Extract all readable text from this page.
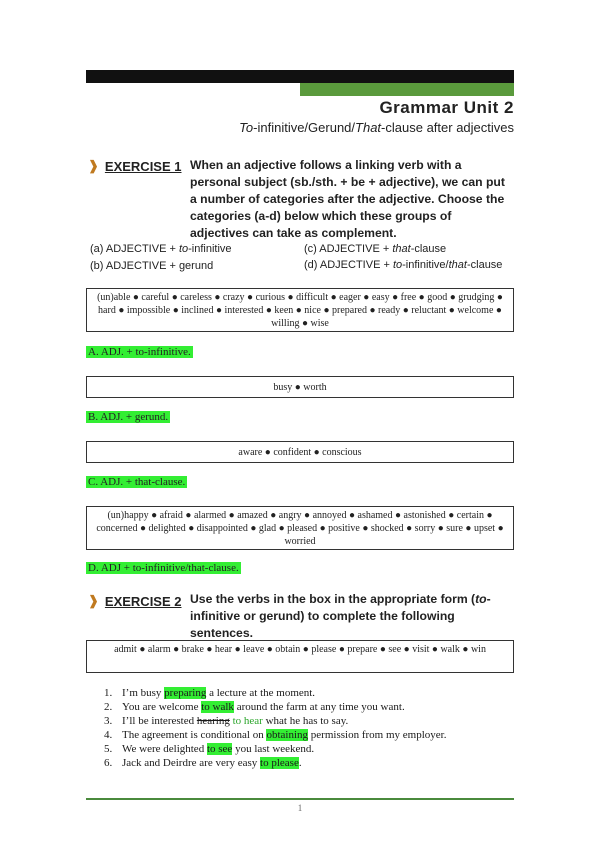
Grammar Unit 2
To-infinitive/Gerund/That-clause after adjectives
❱ EXERCISE 1 When an adjective follows a linking verb with a personal subject (sb./sth. + be + adjective), we can put a number of categories after the adjective. Choose the categories (a-d) below which these groups of adjectives can take as complement.
(a) ADJECTIVE + to-infinitive
(b) ADJECTIVE + gerund
(c) ADJECTIVE + that-clause
(d) ADJECTIVE + to-infinitive/that-clause
(un)able ● careful ● careless ● crazy ● curious ● difficult ● eager ● easy ● free ● good ● grudging ● hard ● impossible ● inclined ● interested ● keen ● nice ● prepared ● ready ● reluctant ● welcome ● willing ● wise
A. ADJ. + to-infinitive.
busy ● worth
B. ADJ. + gerund.
aware ● confident ● conscious
C. ADJ. + that-clause.
(un)happy ● afraid ● alarmed ● amazed ● angry ● annoyed ● ashamed ● astonished ● certain ● concerned ● delighted ● disappointed ● glad ● pleased ● positive ● shocked ● sorry ● sure ● upset ● worried
D. ADJ + to-infinitive/that-clause.
❱ EXERCISE 2 Use the verbs in the box in the appropriate form (to-infinitive or gerund) to complete the following sentences.
admit ● alarm ● brake ● hear ● leave ● obtain ● please ● prepare ● see ● visit ● walk ● win
1. I’m busy preparing a lecture at the moment.
2. You are welcome to walk around the farm at any time you want.
3. I’ll be interested hearing to hear what he has to say.
4. The agreement is conditional on obtaining permission from my employer.
5. We were delighted to see you last weekend.
6. Jack and Deirdre are very easy to please.
1
